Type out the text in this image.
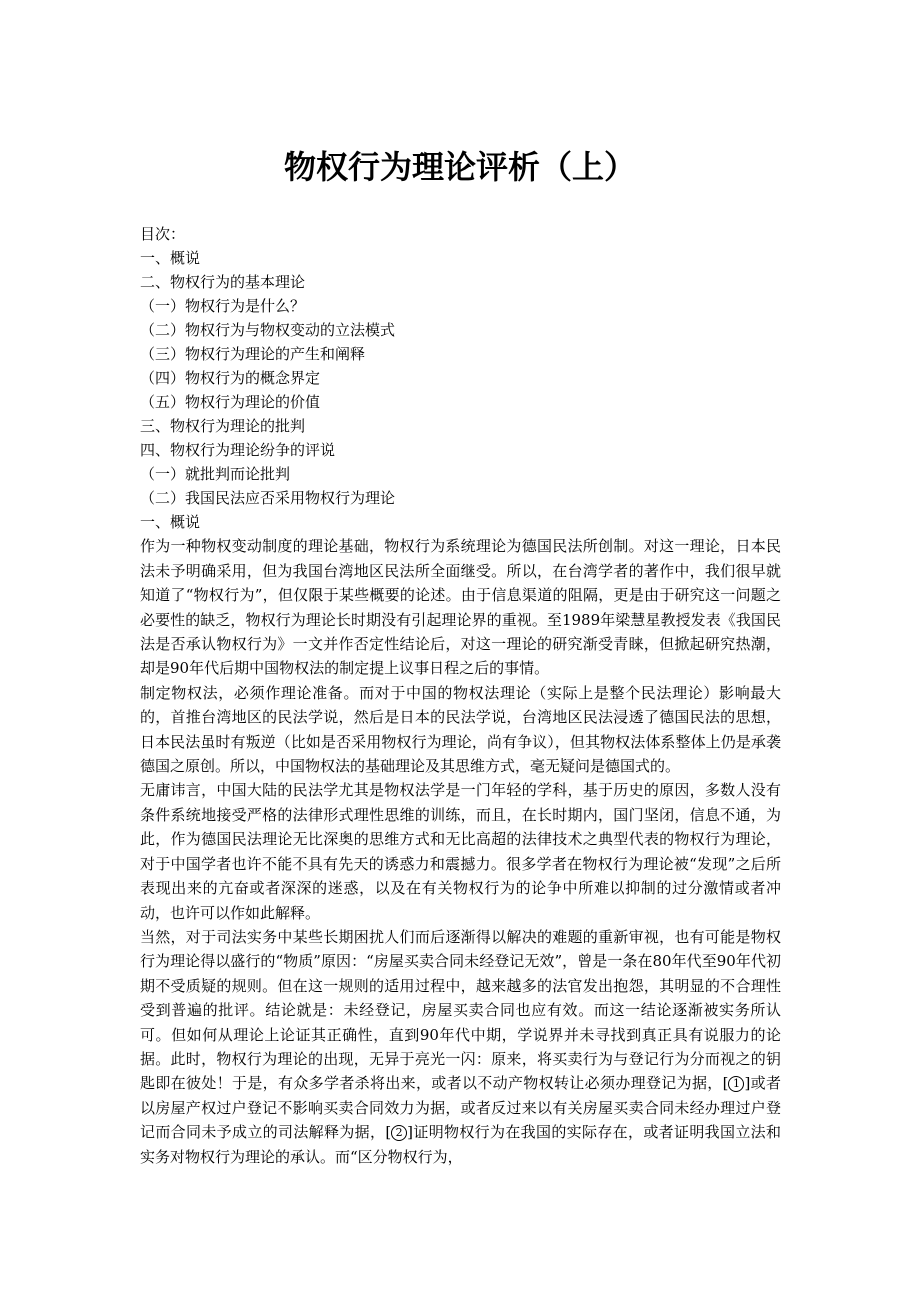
物权行为理论评析（上）
目次：
一、概说
二、物权行为的基本理论
（一）物权行为是什么？
（二）物权行为与物权变动的立法模式
（三）物权行为理论的产生和阐释
（四）物权行为的概念界定
（五）物权行为理论的价值
三、物权行为理论的批判
四、物权行为理论纷争的评说
（一）就批判而论批判
（二）我国民法应否采用物权行为理论

一、概说

作为一种物权变动制度的理论基础，物权行为系统理论为德国民法所创制。对这一理论，日本民法未予明确采用，但为我国台湾地区民法所全面继受。所以，在台湾学者的著作中，我们很早就知道了“物权行为”，但仅限于某些概要的论述。由于信息渠道的阻隔，更是由于研究这一问题之必要性的缺乏，物权行为理论长时期没有引起理论界的重视。至1989年梁慧星教授发表《我国民法是否承认物权行为》一文并作否定性结论后，对这一理论的研究渐受青睐，但掀起研究热潮，却是90年代后期中国物权法的制定提上议事日程之后的事情。

制定物权法，必须作理论准备。而对于中国的物权法理论（实际上是整个民法理论）影响最大的，首推台湾地区的民法学说，然后是日本的民法学说，台湾地区民法浸透了德国民法的思想，日本民法虽时有叛逆（比如是否采用物权行为理论，尚有争议），但其物权法体系整体上仍是承袭德国之原创。所以，中国物权法的基础理论及其思维方式，毫无疑问是德国式的。

无庸讳言，中国大陆的民法学尤其是物权法学是一门年轻的学科，基于历史的原因，多数人没有条件系统地接受严格的法律形式理性思维的训练，而且，在长时期内，国门坚闭，信息不通，为此，作为德国民法理论无比深奥的思维方式和无比高超的法律技术之典型代表的物权行为理论，对于中国学者也许不能不具有先天的诱惑力和震撼力。很多学者在物权行为理论被“发现”之后所表现出来的亢奋或者深深的迷惑，以及在有关物权行为的论争中所难以抑制的过分激情或者冲动，也许可以作如此解释。

当然，对于司法实务中某些长期困扰人们而后逐渐得以解决的难题的重新审视，也有可能是物权行为理论得以盛行的“物质”原因：“房屋买卖合同未经登记无效”，曾是一条在80年代至90年代初期不受质疑的规则。但在这一规则的适用过程中，越来越多的法官发出抱怨，其明显的不合理性受到普遍的批评。结论就是：未经登记，房屋买卖合同也应有效。而这一结论逐渐被实务所认可。但如何从理论上论证其正确性，直到90年代中期，学说界并未寻找到真正具有说服力的论据。此时，物权行为理论的出现，无异于亮光一闪：原来，将买卖行为与登记行为分而视之的钥匙即在彼处！于是，有众多学者杀将出来，或者以不动产物权转让必须办理登记为据，[ 1 ]或者以房屋产权过户登记不影响买卖合同效力为据，或者反过来以有关房屋买卖合同未经办理过户登记而合同未予成立的司法解释为据，[ 2 ]证明物权行为在我国的实际存在，或者证明我国立法和实务对物权行为理论的承认。而“区分物权行为，
